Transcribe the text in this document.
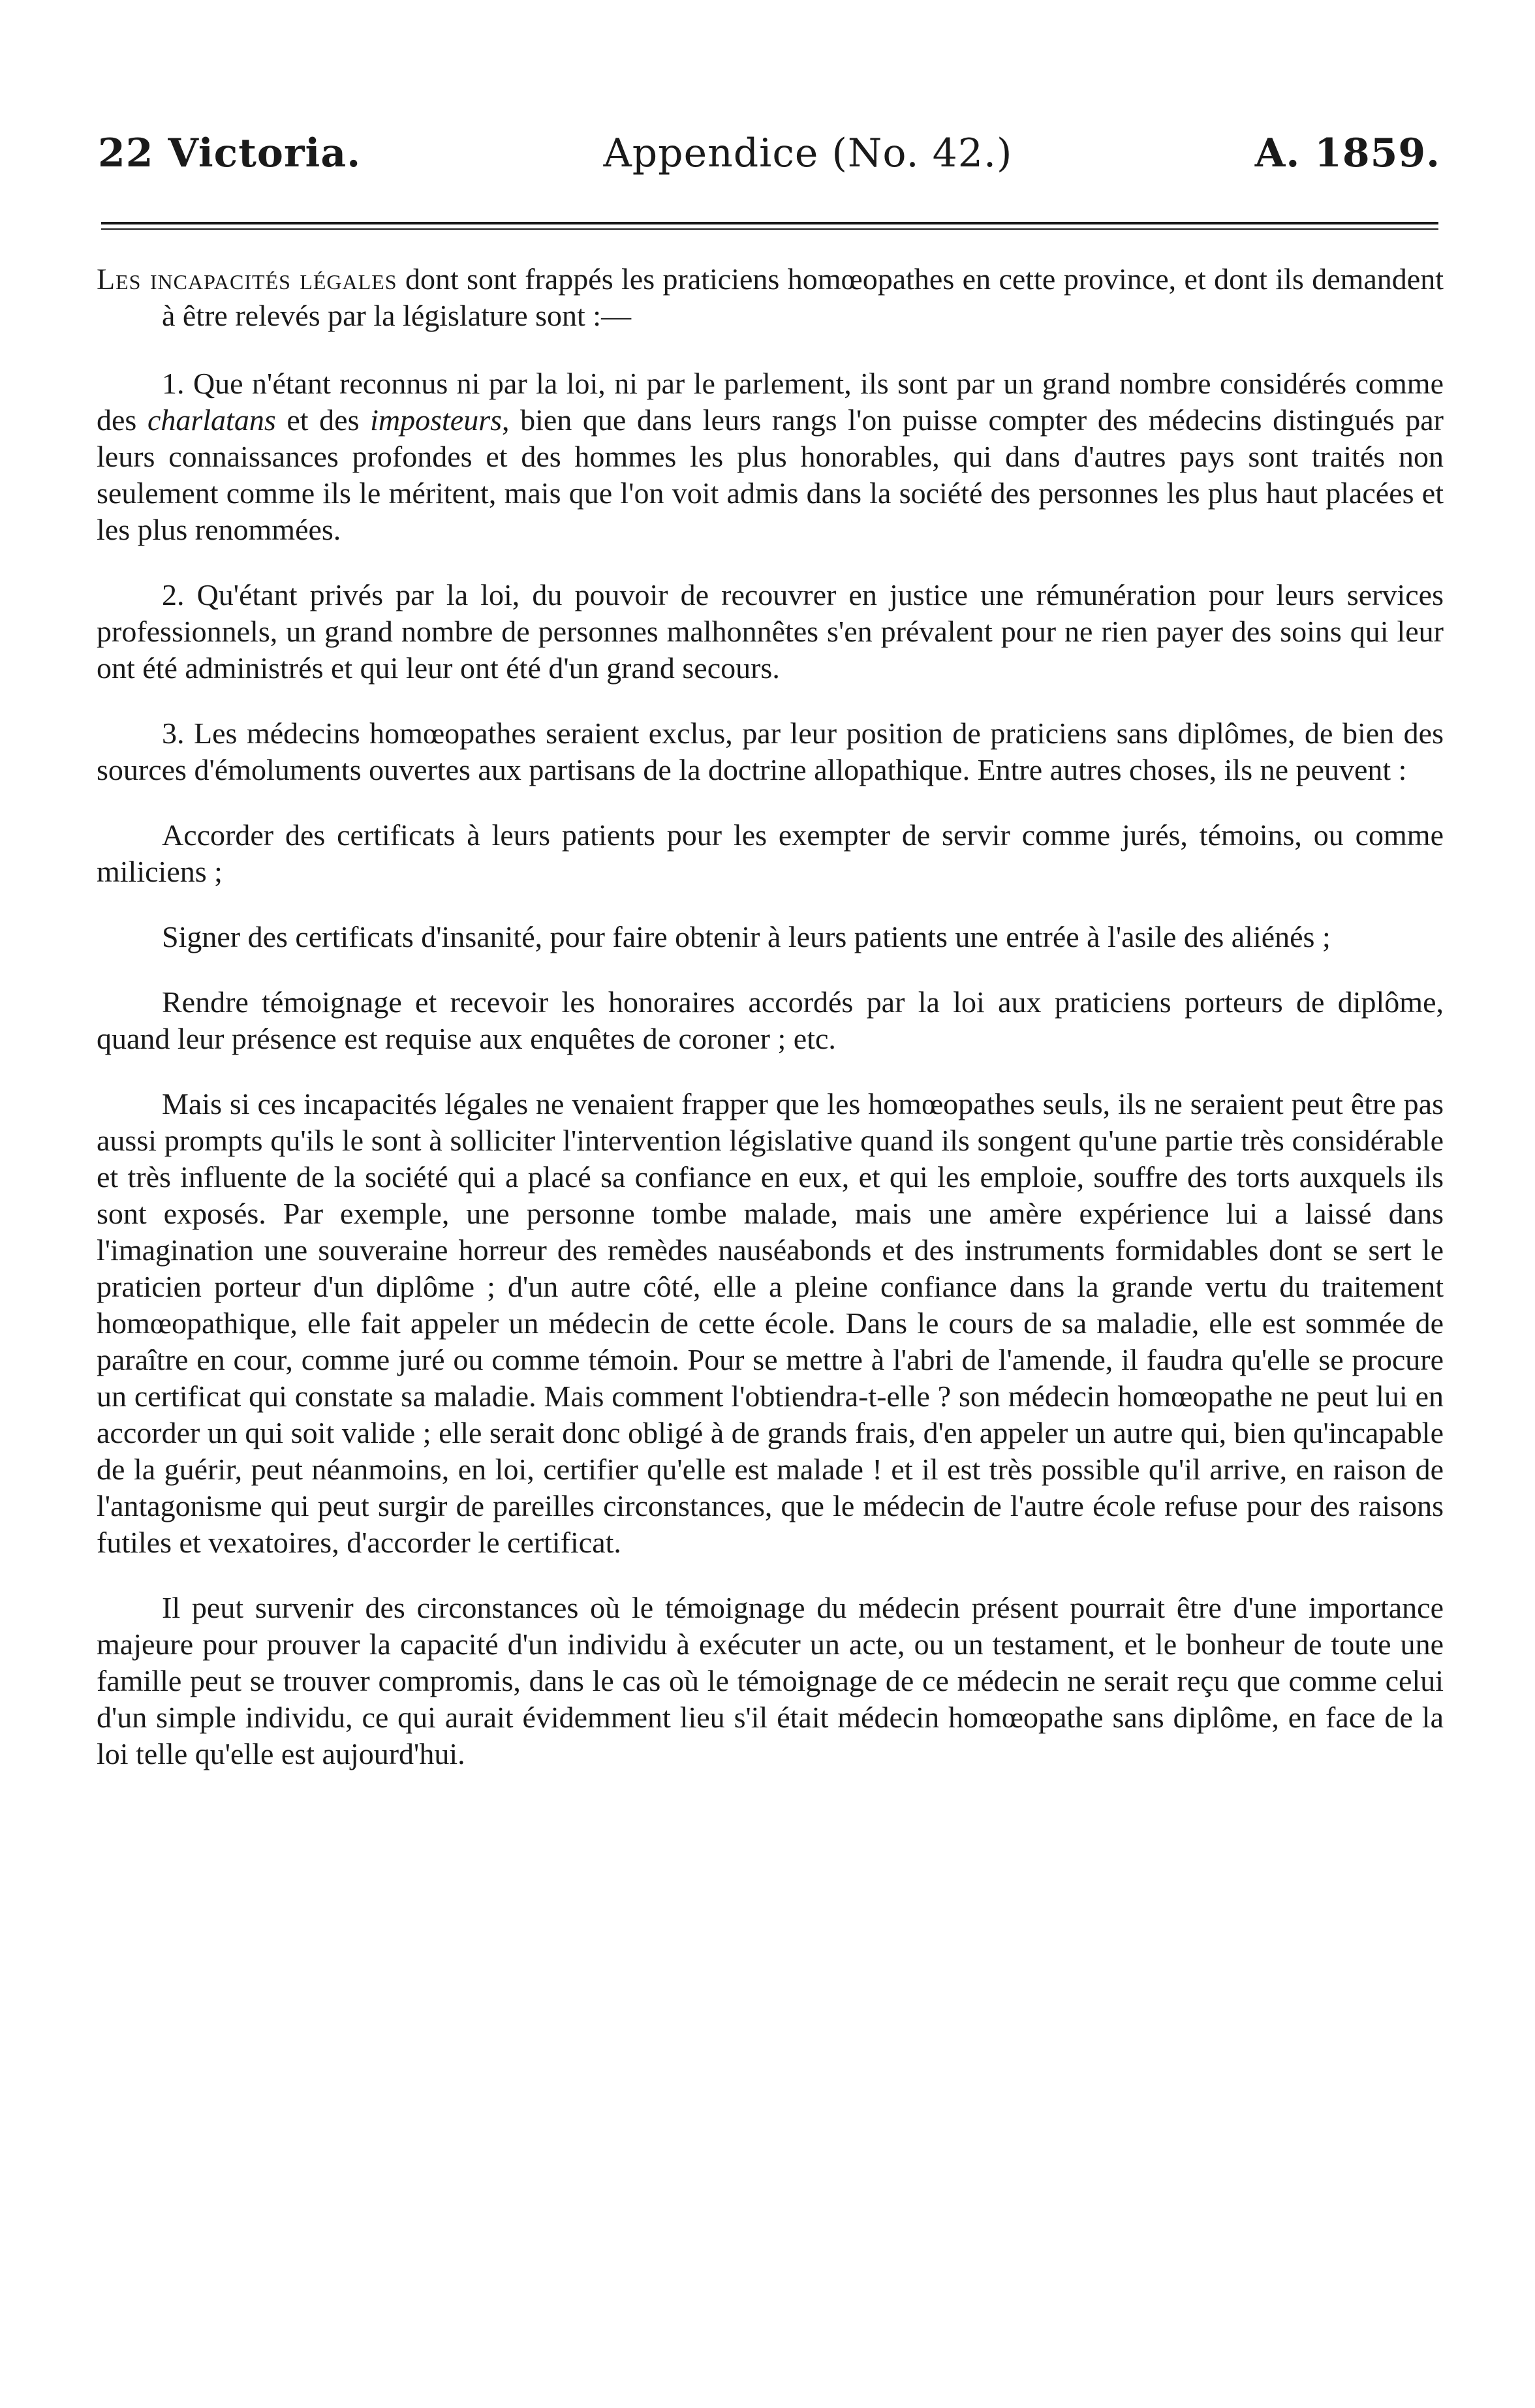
22 Victoria.	Appendice (No. 42.)	A. 1859.

Les incapacités légales dont sont frappés les praticiens homœopathes en cette province, et dont ils demandent à être relevés par la législature sont :—

1. Que n'étant reconnus ni par la loi, ni par le parlement, ils sont par un grand nombre considérés comme des charlatans et des imposteurs, bien que dans leurs rangs l'on puisse compter des médecins distingués par leurs connaissances profondes et des hommes les plus honorables, qui dans d'autres pays sont traités non seulement comme ils le méritent, mais que l'on voit admis dans la société des personnes les plus haut placées et les plus renommées.

2. Qu'étant privés par la loi, du pouvoir de recouvrer en justice une rémunération pour leurs services professionnels, un grand nombre de personnes malhonnêtes s'en prévalent pour ne rien payer des soins qui leur ont été administrés et qui leur ont été d'un grand secours.

3. Les médecins homœopathes seraient exclus, par leur position de praticiens sans diplômes, de bien des sources d'émoluments ouvertes aux partisans de la doctrine allopathique. Entre autres choses, ils ne peuvent :

Accorder des certificats à leurs patients pour les exempter de servir comme jurés, témoins, ou comme miliciens ;

Signer des certificats d'insanité, pour faire obtenir à leurs patients une entrée à l'asile des aliénés ;

Rendre témoignage et recevoir les honoraires accordés par la loi aux praticiens porteurs de diplôme, quand leur présence est requise aux enquêtes de coroner ; etc.

Mais si ces incapacités légales ne venaient frapper que les homœopathes seuls, ils ne seraient peut être pas aussi prompts qu'ils le sont à solliciter l'intervention législative quand ils songent qu'une partie très considérable et très influente de la société qui a placé sa confiance en eux, et qui les emploie, souffre des torts auxquels ils sont exposés. Par exemple, une personne tombe malade, mais une amère expérience lui a laissé dans l'imagination une souveraine horreur des remèdes nauséabonds et des instruments formidables dont se sert le praticien porteur d'un diplôme ; d'un autre côté, elle a pleine confiance dans la grande vertu du traitement homœopathique, elle fait appeler un médecin de cette école. Dans le cours de sa maladie, elle est sommée de paraître en cour, comme juré ou comme témoin. Pour se mettre à l'abri de l'amende, il faudra qu'elle se procure un certificat qui constate sa maladie. Mais comment l'obtiendra-t-elle ? son médecin homœopathe ne peut lui en accorder un qui soit valide ; elle serait donc obligé à de grands frais, d'en appeler un autre qui, bien qu'incapable de la guérir, peut néanmoins, en loi, certifier qu'elle est malade ! et il est très possible qu'il arrive, en raison de l'antagonisme qui peut surgir de pareilles circonstances, que le médecin de l'autre école refuse pour des raisons futiles et vexatoires, d'accorder le certificat.

Il peut survenir des circonstances où le témoignage du médecin présent pourrait être d'une importance majeure pour prouver la capacité d'un individu à exécuter un acte, ou un testament, et le bonheur de toute une famille peut se trouver compromis, dans le cas où le témoignage de ce médecin ne serait reçu que comme celui d'un simple individu, ce qui aurait évidemment lieu s'il était médecin homœopathe sans diplôme, en face de la loi telle qu'elle est aujourd'hui.
